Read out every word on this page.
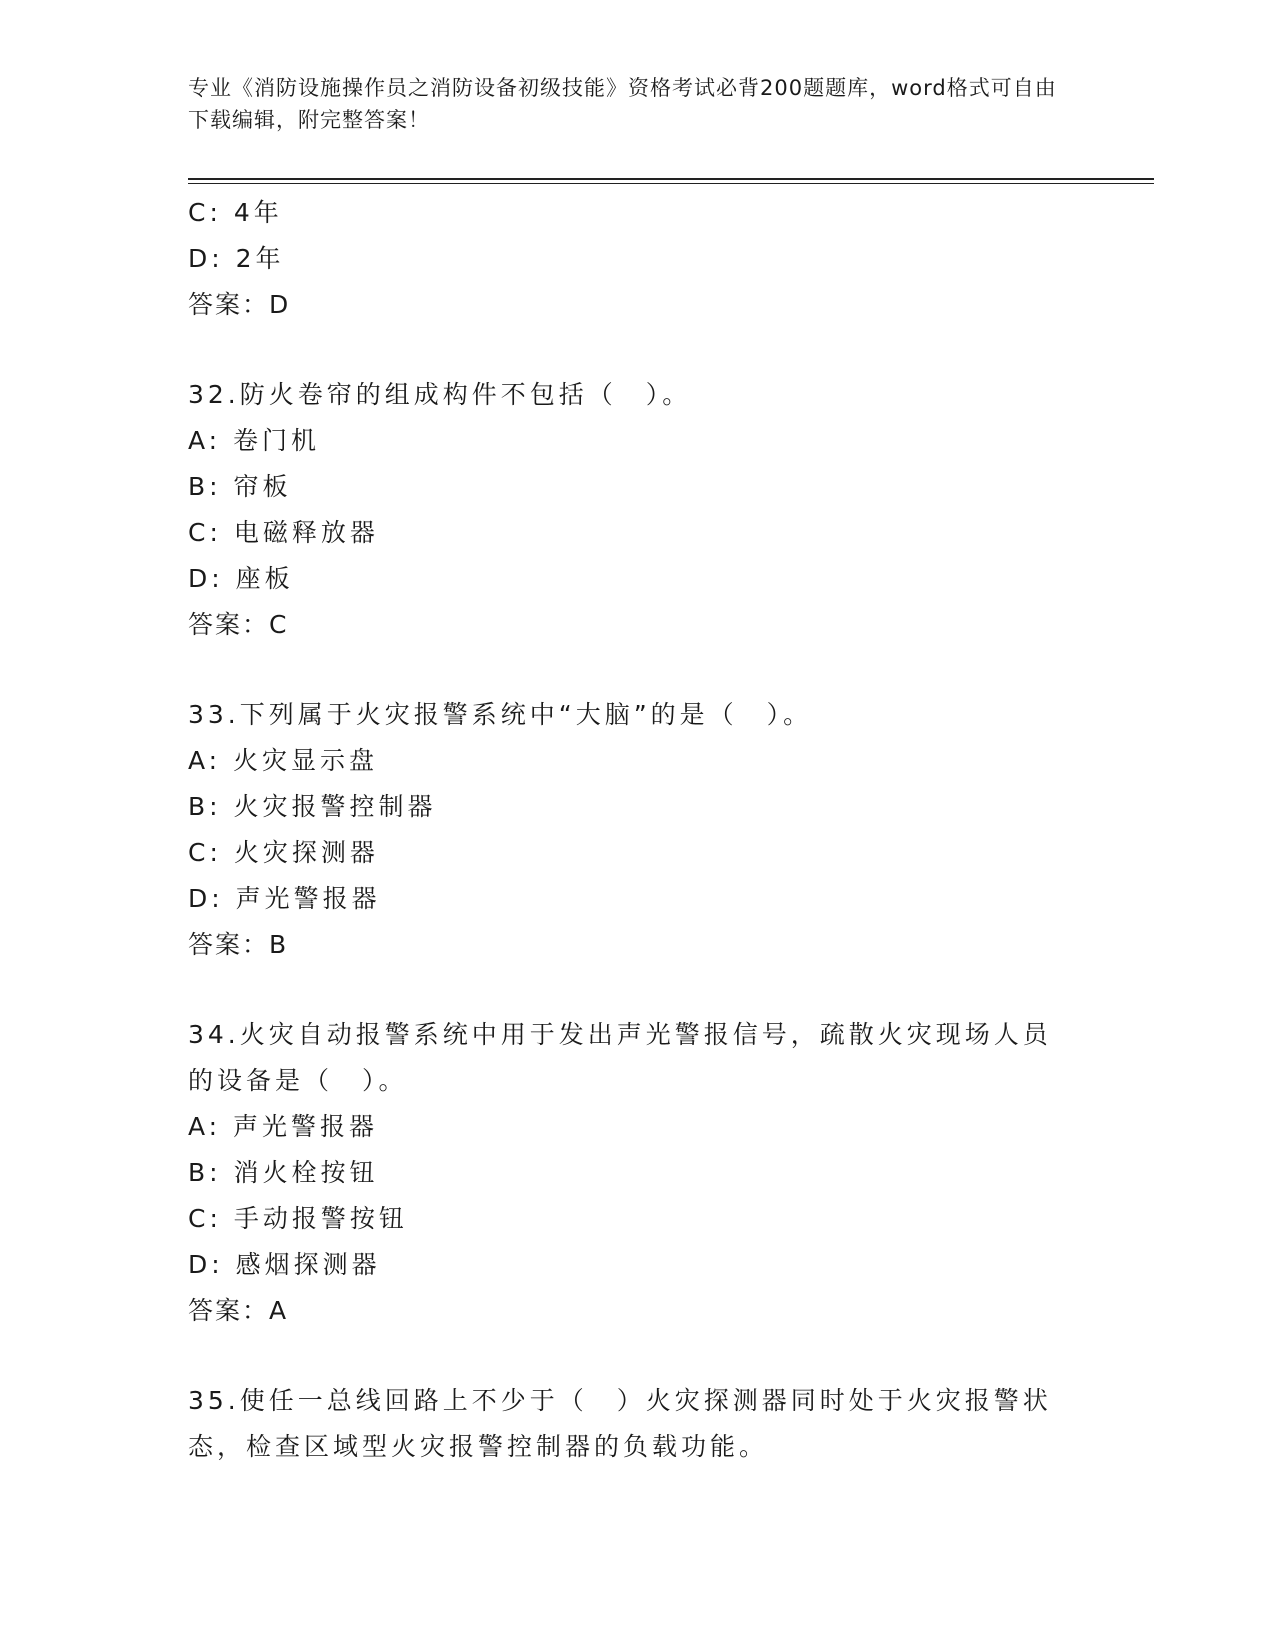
专业《消防设施操作员之消防设备初级技能》资格考试必背200题题库，word格式可自由下载编辑，附完整答案！
C: 4年
D: 2年
答案：D
32.防火卷帘的组成构件不包括（　）。
A: 卷门机
B: 帘板
C: 电磁释放器
D: 座板
答案：C
33.下列属于火灾报警系统中“大脑”的是（　）。
A: 火灾显示盘
B: 火灾报警控制器
C: 火灾探测器
D: 声光警报器
答案：B
34.火灾自动报警系统中用于发出声光警报信号，疏散火灾现场人员的设备是（　）。
A: 声光警报器
B: 消火栓按钮
C: 手动报警按钮
D: 感烟探测器
答案：A
35.使任一总线回路上不少于（　）火灾探测器同时处于火灾报警状态，检查区域型火灾报警控制器的负载功能。
